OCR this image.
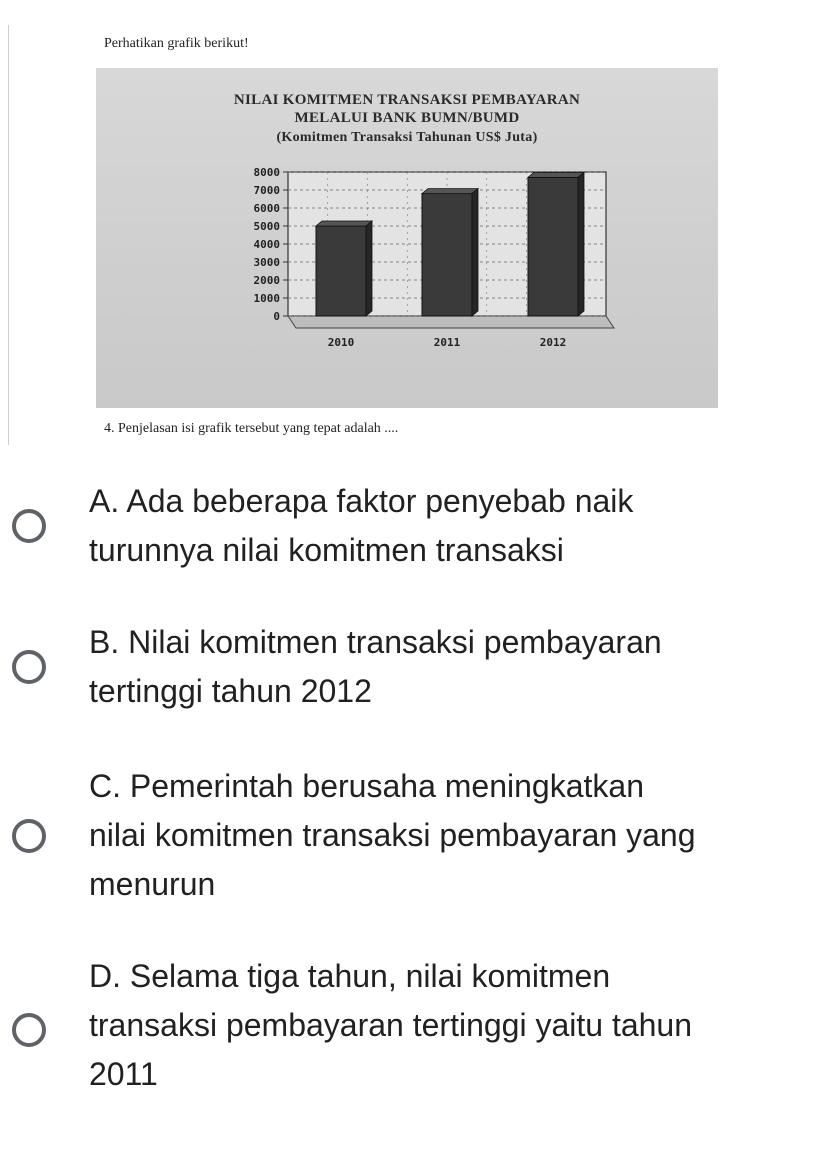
Perhatikan grafik berikut!
NILAI KOMITMEN TRANSAKSI PEMBAYARAN
MELALUI BANK BUMN/BUMD
(Komitmen Transaksi Tahunan US$ Juta)
0
1000
2000
3000
4000
5000
6000
7000
8000
2010	2011	2012
4. Penjelasan isi grafik tersebut yang tepat adalah ....
A. Ada beberapa faktor penyebab naik
turunnya nilai komitmen transaksi
B. Nilai komitmen transaksi pembayaran
tertinggi tahun 2012
C. Pemerintah berusaha meningkatkan
nilai komitmen transaksi pembayaran yang
menurun
D. Selama tiga tahun, nilai komitmen
transaksi pembayaran tertinggi yaitu tahun
2011
